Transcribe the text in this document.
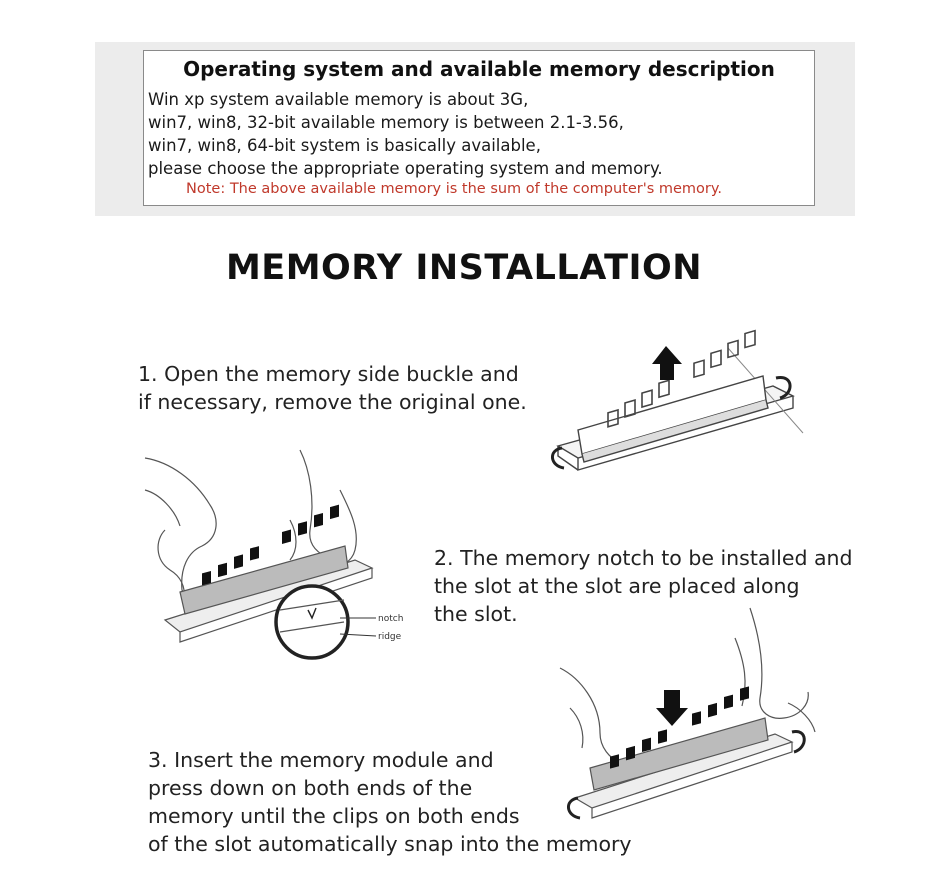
Operating system and available memory description
Win xp system available memory is about 3G,
win7, win8, 32-bit available memory is between 2.1-3.56,
win7, win8, 64-bit system is basically available,
please choose the appropriate operating system and memory.
Note: The above available memory is the sum of the computer's memory.
MEMORY INSTALLATION
1. Open the memory side buckle and
if necessary, remove the original one.
notch
ridge
2. The memory notch to be installed and
the slot at the slot are placed along
the slot.
3. Insert the memory module and
press down on both ends of the
memory until the clips on both ends
of the slot automatically snap into the memory
